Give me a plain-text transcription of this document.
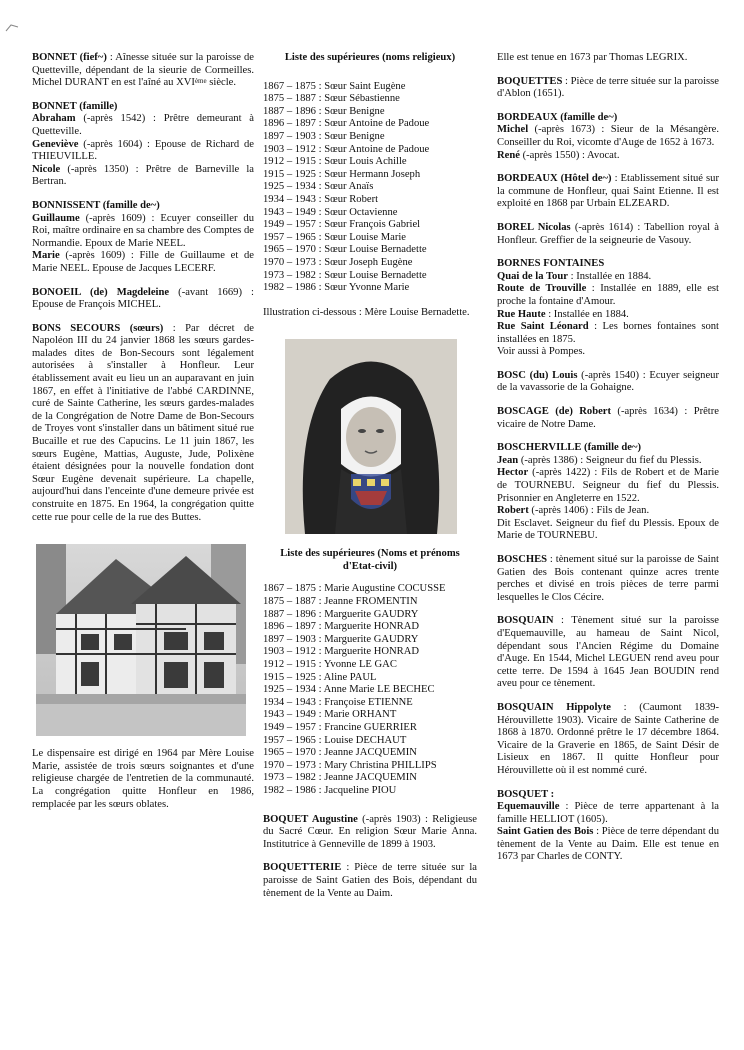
BONNET (fief~) : Aînesse située sur la paroisse de Quetteville, dépendant de la sieurie de Cormeilles. Michel DURANT en est l'aîné au XVIème siècle.

BONNET (famille)

Abraham (-après 1542) : Prêtre demeurant à Quetteville.

Geneviève (-après 1604) : Epouse de Richard de THIEUVILLE.

Nicole (-après 1350) : Prêtre de Barneville la Bertran.

BONNISSENT (famille de~)

Guillaume (-après 1609) : Ecuyer conseiller du Roi, maître ordinaire en sa chambre des Comptes de Normandie. Epoux de Marie NEEL.

Marie (-après 1609) : Fille de Guillaume et de Marie NEEL. Epouse de Jacques LECERF.

BONOEIL (de) Magdeleine (-avant 1669) : Epouse de François MICHEL.
BONS SECOURS (sœurs) : Par décret de Napoléon III du 24 janvier 1868 les sœurs gardes-malades dites de Bon-Secours sont légalement autorisées à s'installer à Honfleur. Leur établissement avait eu lieu un an auparavant en juin 1867, en effet à l'initiative de l'abbé CARDINNE, curé de Sainte Catherine, les sœurs gardes-malades de la Congrégation de Notre Dame de Bon-Secours de Troyes vont s'installer dans un bâtiment situé rue Bucaille et rue des Capucins. Le 11 juin 1867, les sœurs Eugène, Mattias, Auguste, Jude, Polixène étaient désignées pour la nouvelle fondation dont Sœur Eugène devenait supérieure. La chapelle, aujourd'hui dans l'enceinte d'une demeure privée est construite en 1875. En 1964, la congrégation quitte cette rue pour celle de la rue des Buttes.
Le dispensaire est dirigé en 1964 par Mère Louise Marie, assistée de trois sœurs soignantes et d'une religieuse chargée de l'entretien de la communauté. La congrégation quitte Honfleur en 1986, remplacée par les sœurs oblates.
Liste des supérieures (noms religieux)
1867 – 1875 : Sœur Saint Eugène
1875 – 1887 : Sœur Sébastienne
1887 – 1896 : Sœur Benigne
1896 – 1897 : Sœur Antoine de Padoue
1897 – 1903 : Sœur Benigne
1903 – 1912 : Sœur Antoine de Padoue
1912 – 1915 : Sœur Louis Achille
1915 – 1925 : Sœur Hermann Joseph
1925 – 1934 : Sœur Anaïs
1934 – 1943 : Sœur Robert
1943 – 1949 : Sœur Octavienne
1949 – 1957 : Sœur François Gabriel
1957 – 1965 : Sœur Louise Marie
1965 – 1970 : Sœur Louise Bernadette
1970 – 1973 : Sœur Joseph Eugène
1973 – 1982 : Sœur Louise Bernadette
1982 – 1986 : Sœur Yvonne Marie
Illustration ci-dessous : Mère Louise Bernadette.
Liste des supérieures (Noms et prénoms d'Etat-civil)
1867 – 1875 : Marie Augustine COCUSSE
1875 – 1887 : Jeanne FROMENTIN
1887 – 1896 : Marguerite GAUDRY
1896 – 1897 : Marguerite HONRAD
1897 – 1903 : Marguerite GAUDRY
1903 – 1912 : Marguerite HONRAD
1912 – 1915 : Yvonne LE GAC
1915 – 1925 : Aline PAUL
1925 – 1934 : Anne Marie LE BECHEC
1934 – 1943 : Françoise ETIENNE
1943 – 1949 : Marie ORHANT
1949 – 1957 : Francine GUERRIER
1957 – 1965 : Louise DECHAUT
1965 – 1970 : Jeanne JACQUEMIN
1970 – 1973 : Mary Christina PHILLIPS
1973 – 1982 : Jeanne JACQUEMIN
1982 – 1986 : Jacqueline PIOU
BOQUET Augustine (-après 1903) : Religieuse du Sacré Cœur. En religion Sœur Marie Anna. Institutrice à Genneville de 1899 à 1903.
BOQUETTERIE : Pièce de terre située sur la paroisse de Saint Gatien des Bois, dépendant du tènement de la Vente au Daim.
Elle est tenue en 1673 par Thomas LEGRIX.
BOQUETTES : Pièce de terre située sur la paroisse d'Ablon (1651).

BORDEAUX (famille de~)

Michel (-après 1673) : Sieur de la Mésangère. Conseiller du Roi, vicomte d'Auge de 1652 à 1673.

René (-après 1550) : Avocat.

BORDEAUX (Hôtel de~) : Etablissement situé sur la commune de Honfleur, quai Saint Etienne. Il est exploité en 1868 par Urbain ELZEARD.
BOREL Nicolas (-après 1614) : Tabellion royal à Honfleur. Greffier de la seigneurie de Vasouy.

BORNES FONTAINES

Quai de la Tour : Installée en 1884.

Route de Trouville : Installée en 1889, elle est proche la fontaine d'Amour.

Rue Haute : Installée en 1884.

Rue Saint Léonard : Les bornes fontaines sont installées en 1875.

Voir aussi à Pompes.

BOSC (du) Louis (-après 1540) : Ecuyer seigneur de la vavassorie de la Gohaigne.
BOSCAGE (de) Robert (-après 1634) : Prêtre vicaire de Notre Dame.

BOSCHERVILLE (famille de~)

Jean (-après 1386) : Seigneur du fief du Plessis.

Hector (-après 1422) : Fils de Robert et de Marie de TOURNEBU. Seigneur du fief du Plessis. Prisonnier en Angleterre en 1522.

Robert (-après 1406) : Fils de Jean.

Dit Esclavet. Seigneur du fief du Plessis. Epoux de Marie de TOURNEBU.

BOSCHES : tènement situé sur la paroisse de Saint Gatien des Bois contenant quinze acres trente perches et divisé en trois pièces de terre parmi lesquelles le Clos Cécire.
BOSQUAIN : Tènement situé sur la paroisse d'Equemauville, au hameau de Saint Nicol, dépendant sous l'Ancien Régime du Domaine d'Auge. En 1544, Michel LEGUEN rend aveu pour cette terre. De 1594 à 1645 Jean BOUDIN rend aveu pour ce tènement.
BOSQUAIN Hippolyte : (Caumont 1839-Hérouvillette 1903). Vicaire de Sainte Catherine de 1868 à 1870. Ordonné prêtre le 17 décembre 1864. Vicaire de la Graverie en 1865, de Saint Désir de Lisieux en 1867. Il quitte Honfleur pour Hérouvillette où il est nommé curé.

BOSQUET :

Equemauville : Pièce de terre appartenant à la famille HELLIOT (1605).

Saint Gatien des Bois : Pièce de terre dépendant du tènement de la Vente au Daim. Elle est tenue en 1673 par Charles de CONTY.
